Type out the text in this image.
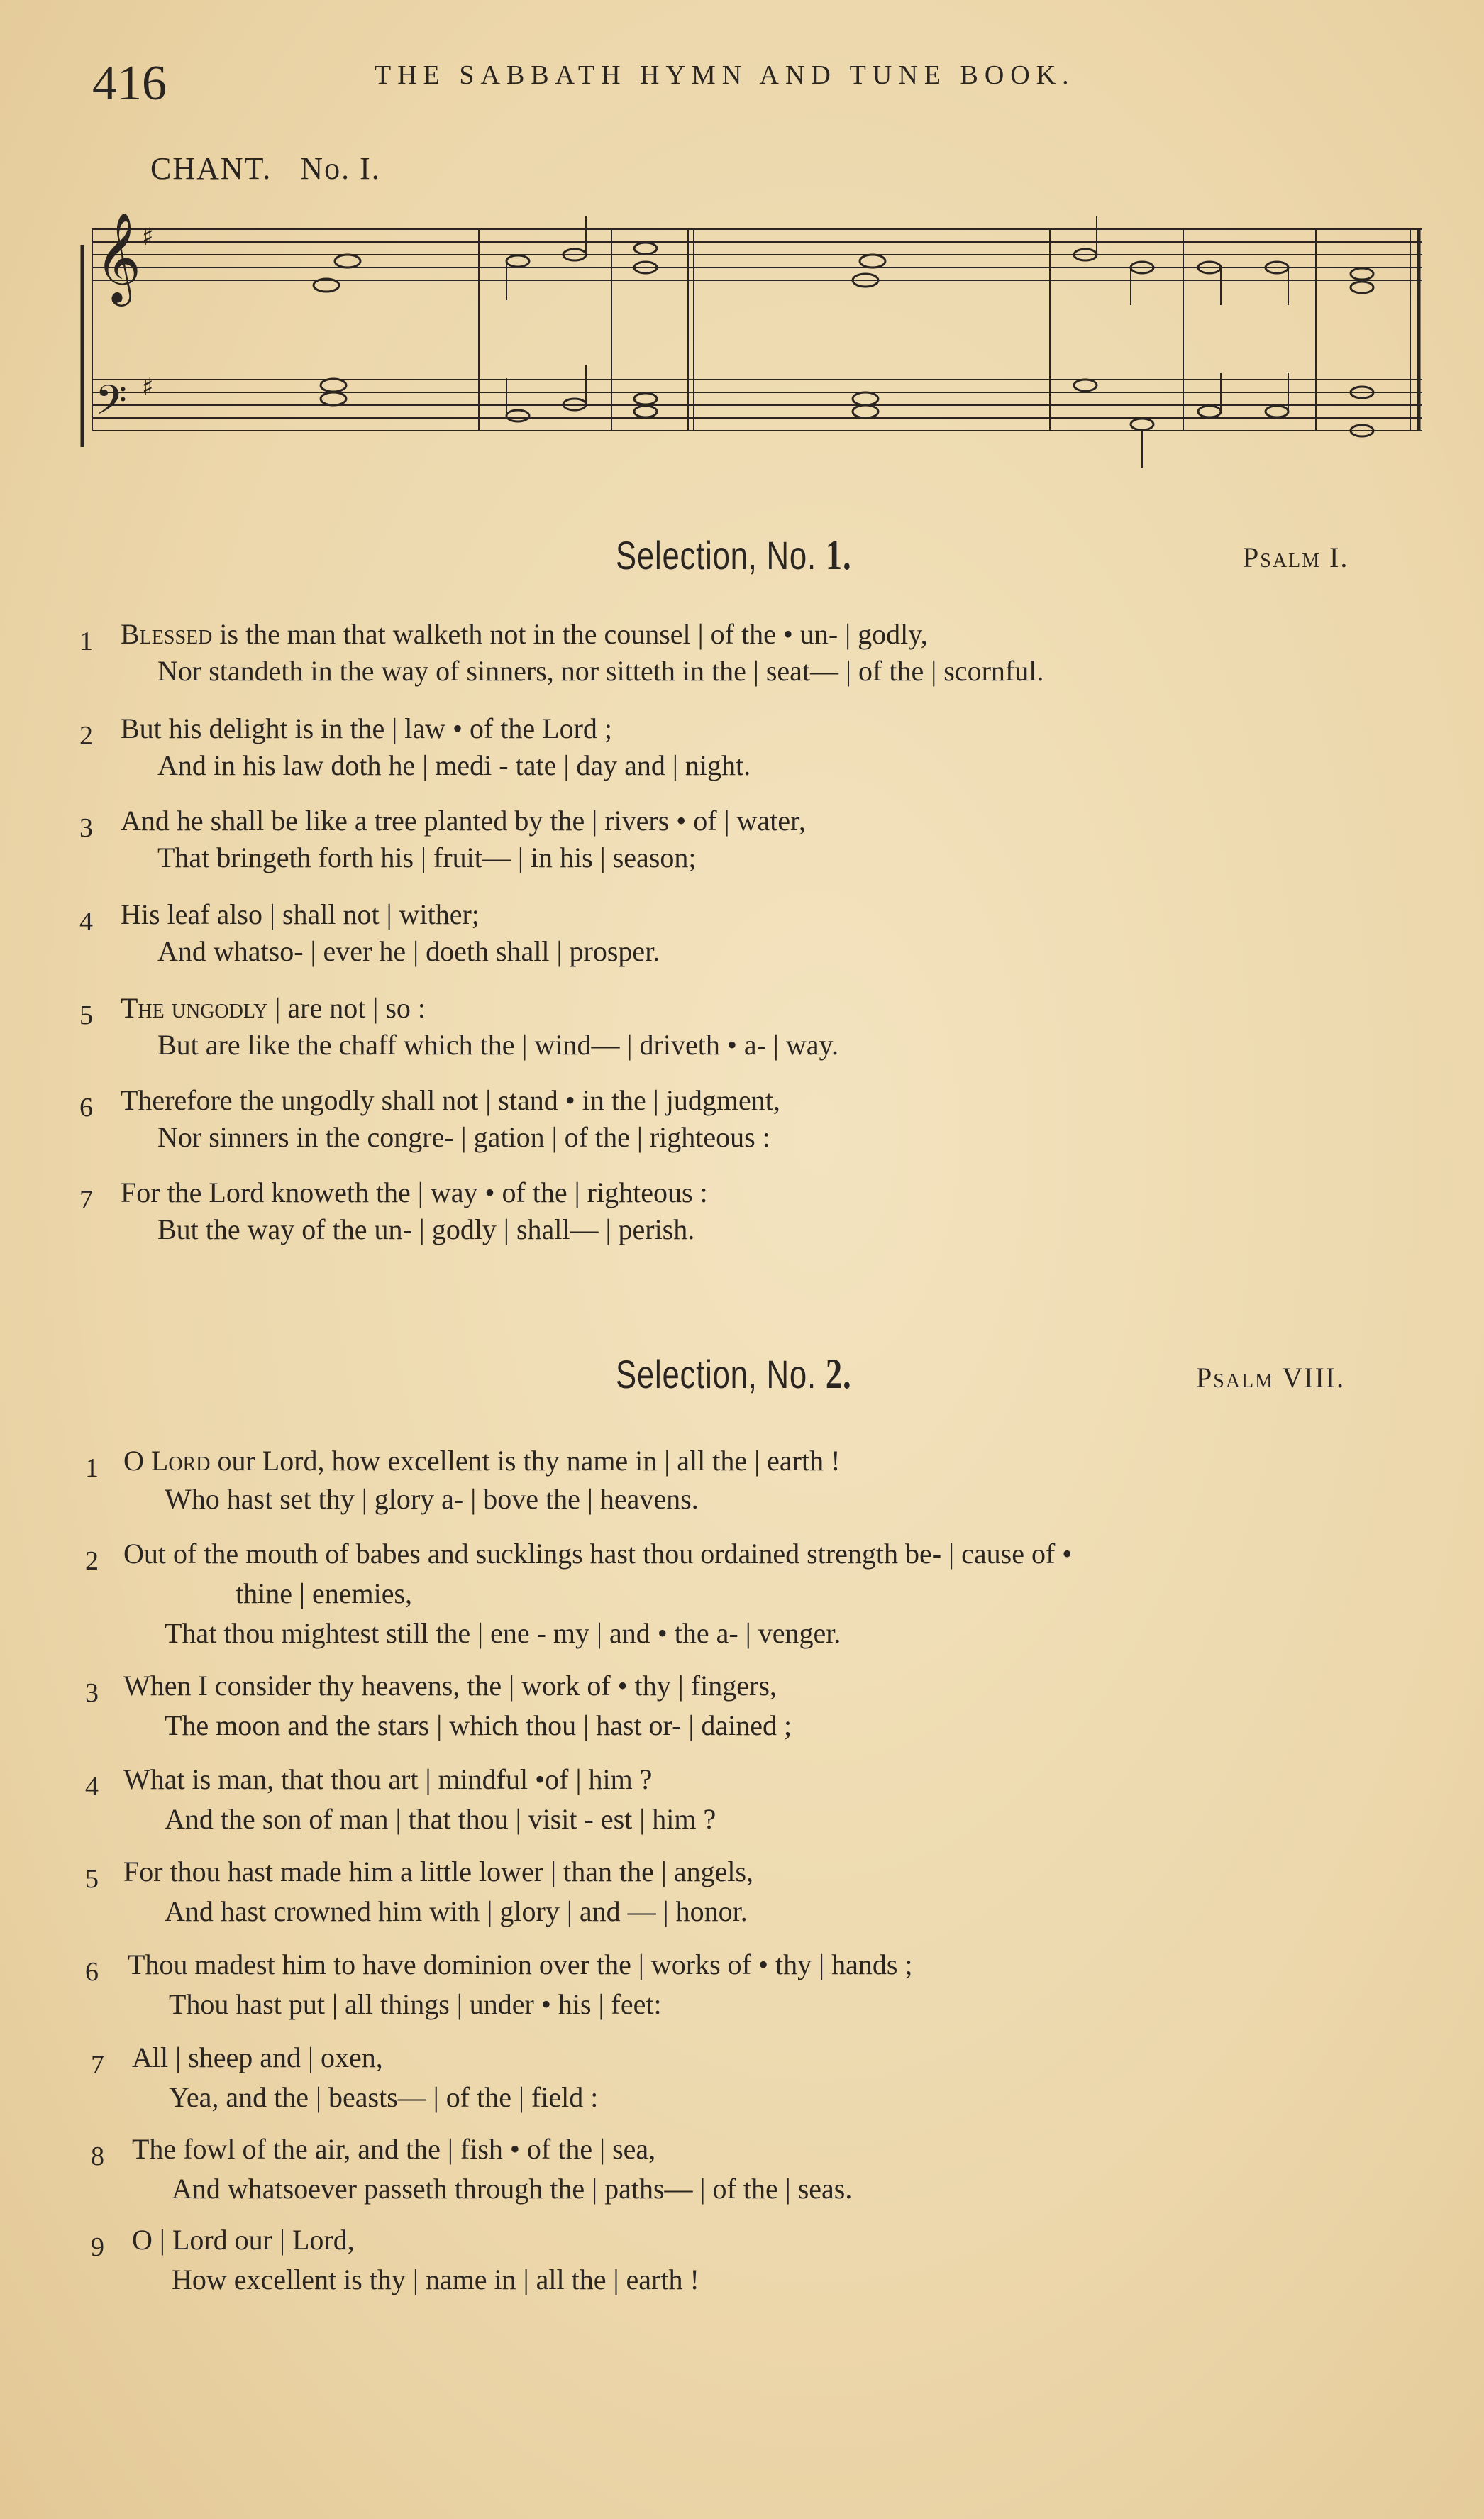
416	THE SABBATH HYMN AND TUNE BOOK.
CHANT. No. I.
𝄞
𝄢
♯
♯
Selection, No. 1.	Psalm I.
1 Blessed is the man that walketh not in the counsel | of the • un- | godly,
Nor standeth in the way of sinners, nor sitteth in the | seat— | of the | scornful.
2 But his delight is in the | law • of the Lord ;
And in his law doth he | medi - tate | day and | night.
3 And he shall be like a tree planted by the | rivers • of | water,
That bringeth forth his | fruit— | in his | season;
4 His leaf also | shall not | wither;
And whatso- | ever he | doeth shall | prosper.
5 The ungodly | are not | so :
But are like the chaff which the | wind— | driveth • a- | way.
6 Therefore the ungodly shall not | stand • in the | judgment,
Nor sinners in the congre- | gation | of the | righteous :
7 For the Lord knoweth the | way • of the | righteous :
But the way of the un- | godly | shall— | perish.
Selection, No. 2.	Psalm VIII.
1 O Lord our Lord, how excellent is thy name in | all the | earth !
Who hast set thy | glory a- | bove the | heavens.
2 Out of the mouth of babes and sucklings hast thou ordained strength be- | cause of •
thine | enemies,
That thou mightest still the | ene - my | and • the a- | venger.
3 When I consider thy heavens, the | work of • thy | fingers,
The moon and the stars | which thou | hast or- | dained ;
4 What is man, that thou art | mindful •of | him ?
And the son of man | that thou | visit - est | him ?
5 For thou hast made him a little lower | than the | angels,
And hast crowned him with | glory | and — | honor.
6 Thou madest him to have dominion over the | works of • thy | hands ;
Thou hast put | all things | under • his | feet:
7 All | sheep and | oxen,
Yea, and the | beasts— | of the | field :
8 The fowl of the air, and the | fish • of the | sea,
And whatsoever passeth through the | paths— | of the | seas.
9 O | Lord our | Lord,
How excellent is thy | name in | all the | earth !
